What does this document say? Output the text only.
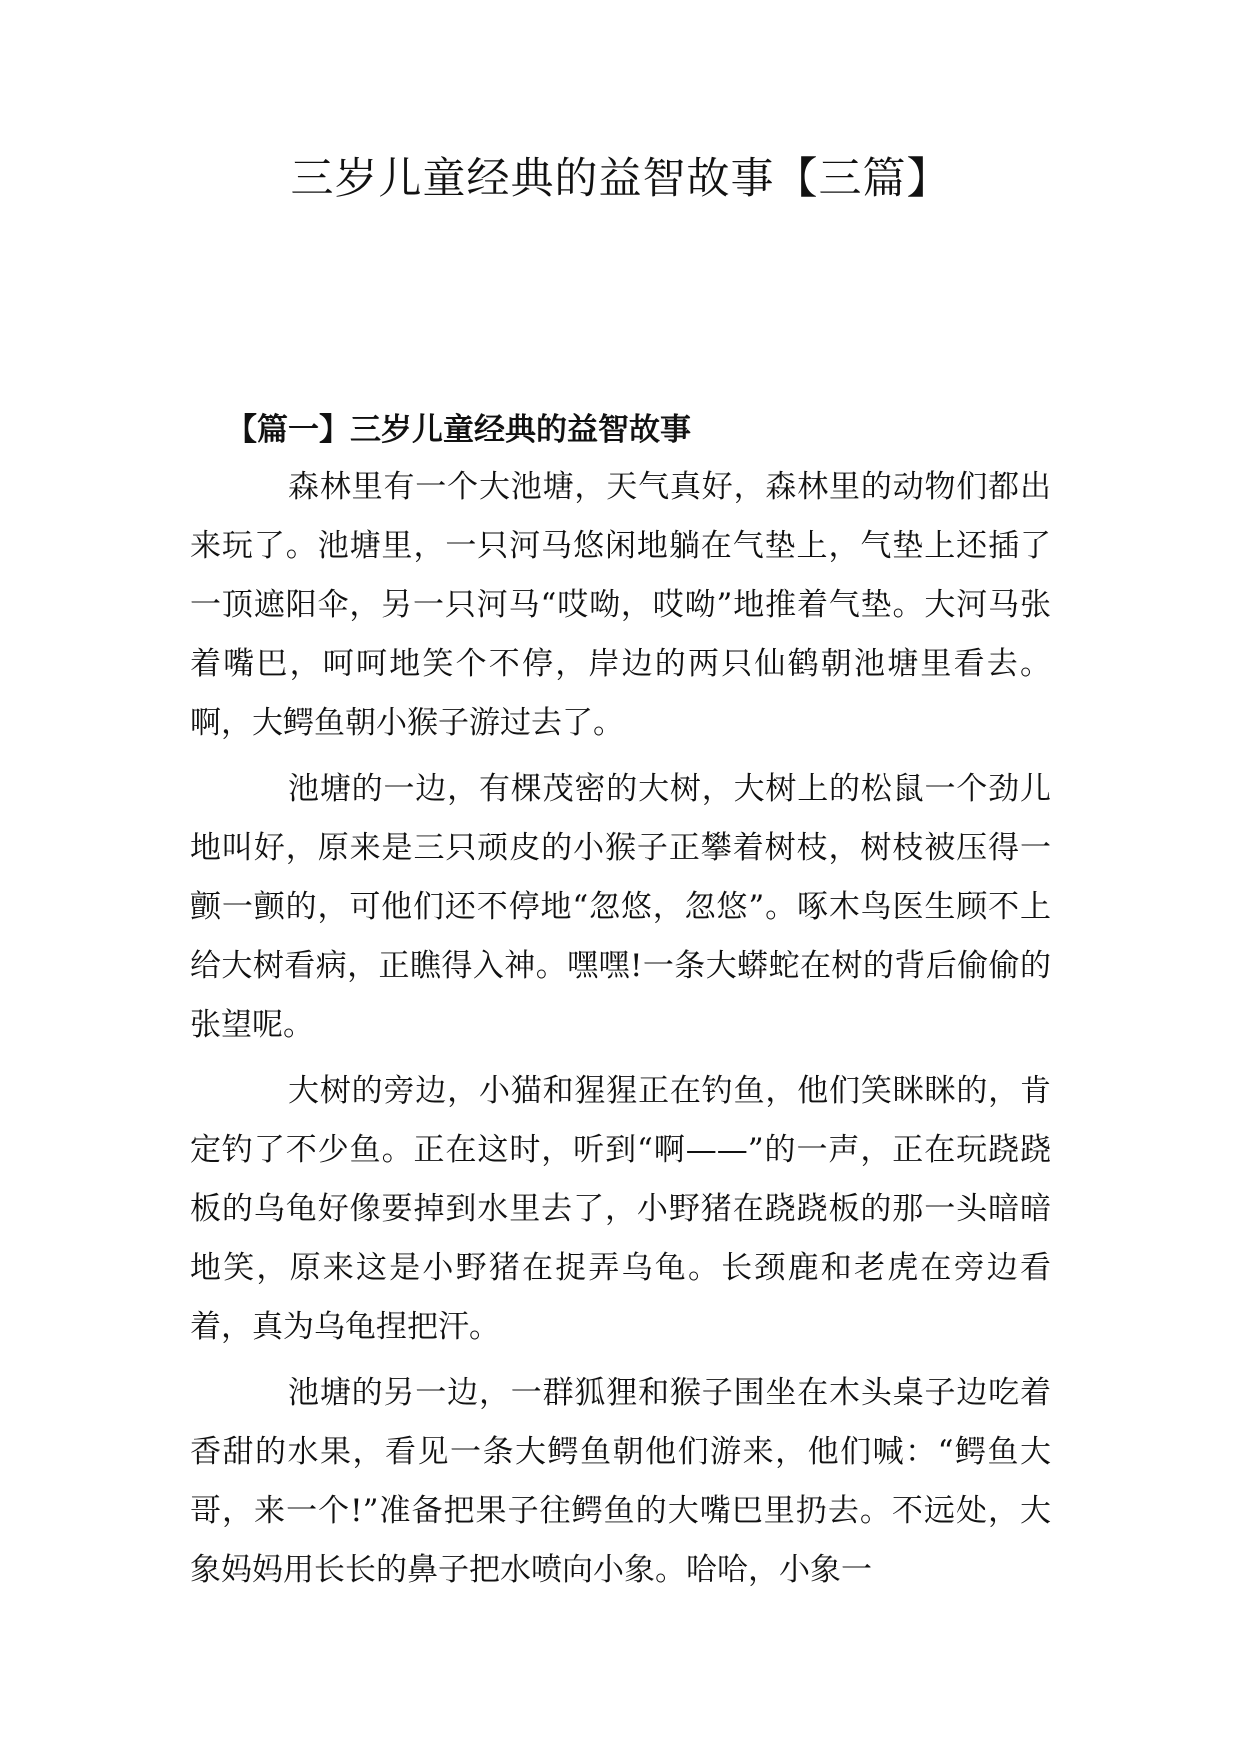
三岁儿童经典的益智故事【三篇】
【篇一】三岁儿童经典的益智故事

森林里有一个大池塘，天气真好，森林里的动物们都出来玩了。池塘里，一只河马悠闲地躺在气垫上，气垫上还插了一顶遮阳伞，另一只河马“哎呦，哎呦”地推着气垫。大河马张着嘴巴，呵呵地笑个不停，岸边的两只仙鹤朝池塘里看去。啊，大鳄鱼朝小猴子游过去了。

池塘的一边，有棵茂密的大树，大树上的松鼠一个劲儿地叫好，原来是三只顽皮的小猴子正攀着树枝，树枝被压得一颤一颤的，可他们还不停地“忽悠，忽悠”。啄木鸟医生顾不上给大树看病，正瞧得入神。嘿嘿!一条大蟒蛇在树的背后偷偷的张望呢。

大树的旁边，小猫和猩猩正在钓鱼，他们笑眯眯的，肯定钓了不少鱼。正在这时，听到“啊——”的一声，正在玩跷跷板的乌龟好像要掉到水里去了，小野猪在跷跷板的那一头暗暗地笑，原来这是小野猪在捉弄乌龟。长颈鹿和老虎在旁边看着，真为乌龟捏把汗。

池塘的另一边，一群狐狸和猴子围坐在木头桌子边吃着香甜的水果，看见一条大鳄鱼朝他们游来，他们喊：“鳄鱼大哥，来一个!”准备把果子往鳄鱼的大嘴巴里扔去。不远处，大象妈妈用长长的鼻子把水喷向小象。哈哈，小象一
